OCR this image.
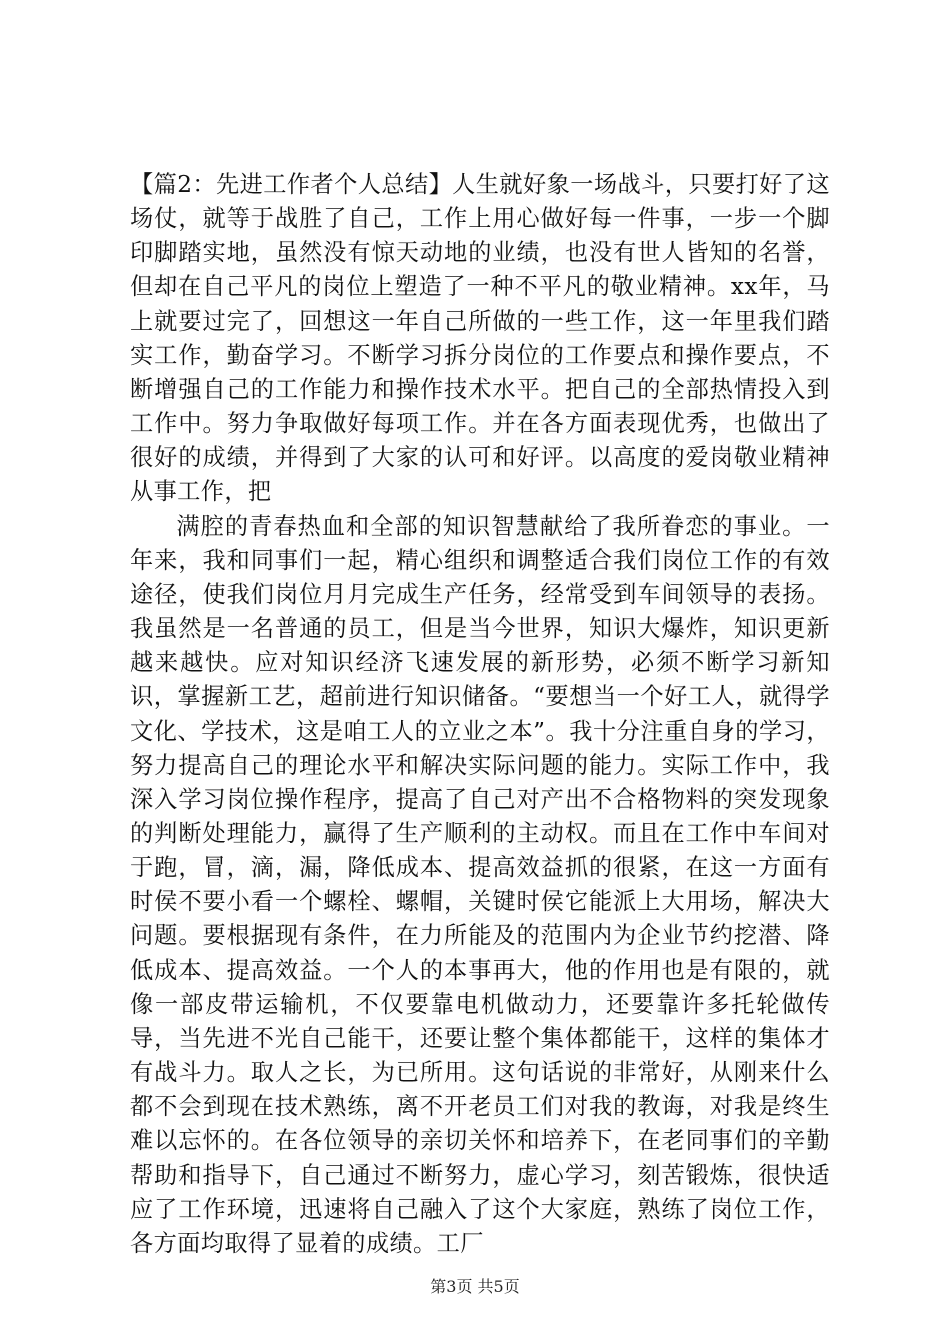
【篇2：先进工作者个人总结】人生就好象一场战斗，只要打好了这场仗，就等于战胜了自己，工作上用心做好每一件事，一步一个脚印脚踏实地，虽然没有惊天动地的业绩，也没有世人皆知的名誉，但却在自己平凡的岗位上塑造了一种不平凡的敬业精神。xx年，马上就要过完了，回想这一年自己所做的一些工作，这一年里我们踏实工作，勤奋学习。不断学习拆分岗位的工作要点和操作要点，不断增强自己的工作能力和操作技术水平。把自己的全部热情投入到工作中。努力争取做好每项工作。并在各方面表现优秀，也做出了很好的成绩，并得到了大家的认可和好评。以高度的爱岗敬业精神从事工作，把

满腔的青春热血和全部的知识智慧献给了我所眷恋的事业。一年来，我和同事们一起，精心组织和调整适合我们岗位工作的有效途径，使我们岗位月月完成生产任务，经常受到车间领导的表扬。我虽然是一名普通的员工，但是当今世界，知识大爆炸，知识更新越来越快。应对知识经济飞速发展的新形势，必须不断学习新知识，掌握新工艺，超前进行知识储备。“要想当一个好工人，就得学文化、学技术，这是咱工人的立业之本”。我十分注重自身的学习，努力提高自己的理论水平和解决实际问题的能力。实际工作中，我深入学习岗位操作程序，提高了自己对产出不合格物料的突发现象的判断处理能力，赢得了生产顺利的主动权。而且在工作中车间对于跑，冒，滴，漏，降低成本、提高效益抓的很紧，在这一方面有时侯不要小看一个螺栓、螺帽，关键时侯它能派上大用场，解决大问题。要根据现有条件，在力所能及的范围内为企业节约挖潜、降低成本、提高效益。一个人的本事再大，他的作用也是有限的，就像一部皮带运输机，不仅要靠电机做动力，还要靠许多托轮做传导，当先进不光自己能干，还要让整个集体都能干，这样的集体才有战斗力。取人之长，为已所用。这句话说的非常好，从刚来什么都不会到现在技术熟练，离不开老员工们对我的教诲，对我是终生难以忘怀的。在各位领导的亲切关怀和培养下，在老同事们的辛勤帮助和指导下，自己通过不断努力，虚心学习，刻苦锻炼，很快适应了工作环境，迅速将自己融入了这个大家庭，熟练了岗位工作，各方面均取得了显着的成绩。工厂

第3页 共5页
